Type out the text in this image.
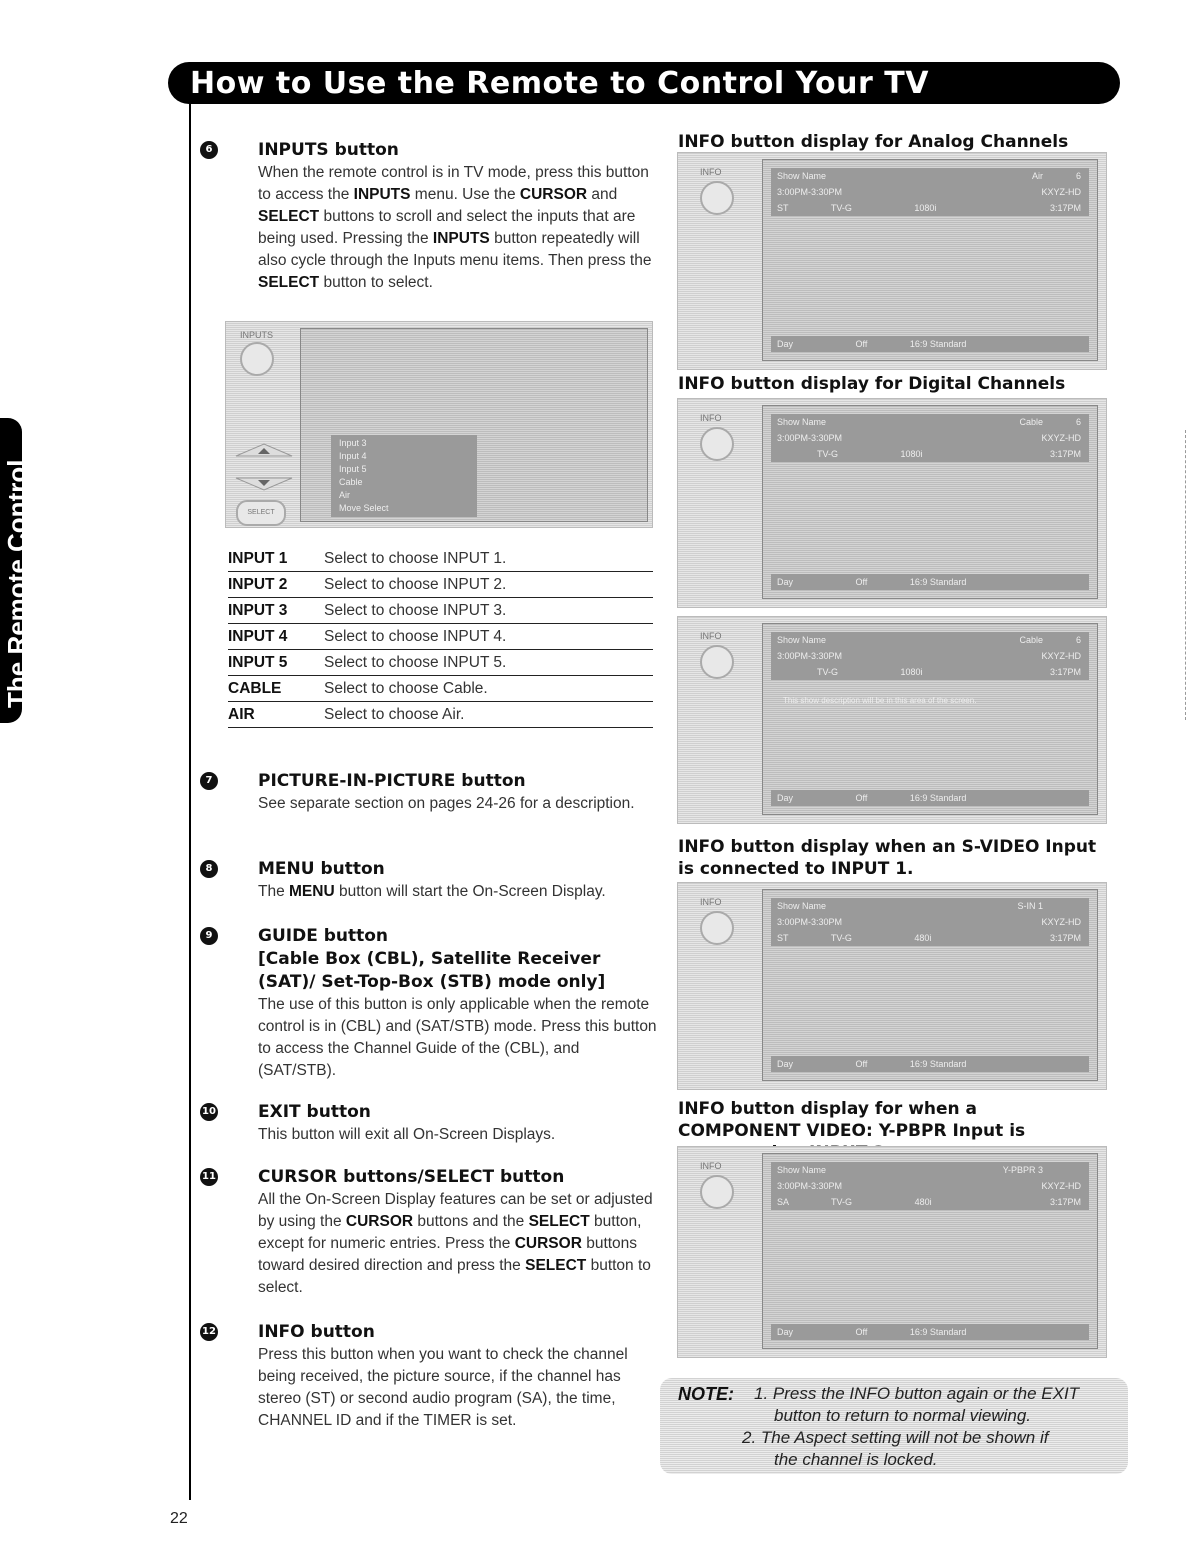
How to Use the Remote to Control Your TV
The Remote Control
22
6	INPUTS button
When the remote control is in TV mode, press this button to access the INPUTS menu. Use the CURSOR and SELECT buttons to scroll and select the inputs that are being used. Pressing the INPUTS button repeatedly will also cycle through the Inputs menu items. Then press the SELECT button to select.
INPUTS
Input 3
Input 4
Input 5
Cable
Air
Move Select
SELECT
INPUT 1	Select to choose INPUT 1.
INPUT 2	Select to choose INPUT 2.
INPUT 3	Select to choose INPUT 3.
INPUT 4	Select to choose INPUT 4.
INPUT 5	Select to choose INPUT 5.
CABLE	Select to choose Cable.
AIR	Select to choose Air.
7	PICTURE-IN-PICTURE button
See separate section on pages 24-26 for a description.
8	MENU button
The MENU button will start the On-Screen Display.
9	GUIDE button
[Cable Box (CBL), Satellite Receiver (SAT)/ Set-Top-Box (STB) mode only]
The use of this button is only applicable when the remote control is in (CBL) and (SAT/STB) mode. Press this button to access the Channel Guide of the (CBL), and (SAT/STB).
10 EXIT button
This button will exit all On-Screen Displays.
11 CURSOR buttons/SELECT button
All the On-Screen Display features can be set or adjusted by using the CURSOR buttons and the SELECT button, except for numeric entries. Press the CURSOR buttons toward desired direction and press the SELECT button to select.
12 INFO button
Press this button when you want to check the channel being received, the picture source, if the channel has stereo (ST) or second audio program (SA), the time, CHANNEL ID and if the TIMER is set.
INFO button display for Analog Channels
INFO button display for Digital Channels
INFO button display when an S-VIDEO Input is connected to INPUT 1.
INFO button display for when a COMPONENT VIDEO: Y-PBPR Input is
INFO	Show Name	Air	6
3:00PM-3:30PM	KXYZ-HD
ST	TV-G	1080i	3:17PM
Day	Off	16:9 Standard
INFO	Show Name	Cable	6
3:00PM-3:30PM	KXYZ-HD
TV-G	1080i	3:17PM
Day	Off	16:9 Standard
INFO	Show Name	Cable	6
3:00PM-3:30PM	KXYZ-HD
TV-G	1080i	3:17PM
This show description will be in this area of the screen.
Day	Off	16:9 Standard
INFO	Show Name	S-IN 1
3:00PM-3:30PM	KXYZ-HD
ST	TV-G	480i	3:17PM
Day	Off	16:9 Standard
INFO	Show Name	Y-PBPR 3
3:00PM-3:30PM	KXYZ-HD
SA	TV-G	480i	3:17PM
Day	Off	16:9 Standard
NOTE: 1. Press the INFO button again or the EXIT
button to return to normal viewing.
2. The Aspect setting will not be shown if
the channel is locked.
